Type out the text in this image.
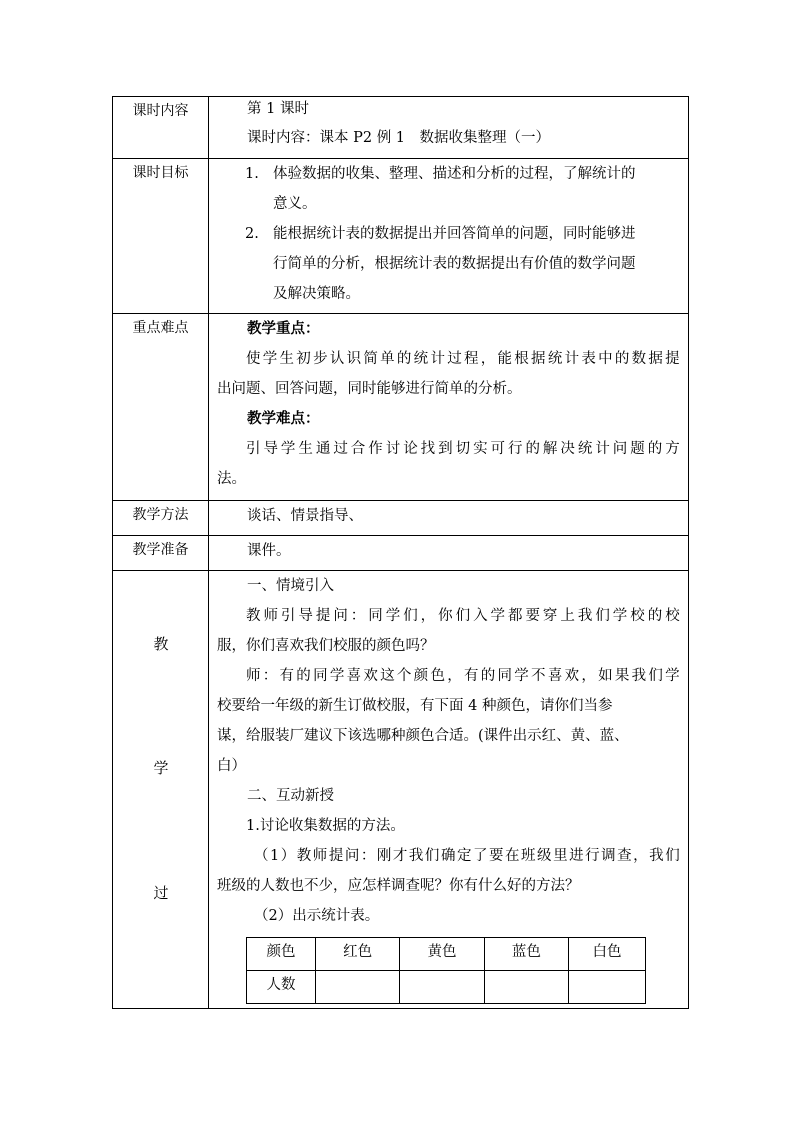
课时内容	第 1 课时
课时内容：课本 P2 例 1　数据收集整理（一）

课时目标	1. 体验数据的收集、整理、描述和分析的过程，了解统计的
意义。
2. 能根据统计表的数据提出并回答简单的问题，同时能够进
行简单的分析，根据统计表的数据提出有价值的数学问题
及解决策略。

重点难点	教学重点：
使学生初步认识简单的统计过程，能根据统计表中的数据提
出问题、回答问题，同时能够进行简单的分析。
教学难点：
引导学生通过合作讨论找到切实可行的解决统计问题的方
法。

教学方法	谈话、情景指导、

教学准备	课件。

教
学
过

一、情境引入
教师引导提问：同学们，你们入学都要穿上我们学校的校
服，你们喜欢我们校服的颜色吗？
师：有的同学喜欢这个颜色，有的同学不喜欢，如果我们学
校要给一年级的新生订做校服，有下面 4 种颜色，请你们当参
谋，给服装厂建议下该选哪种颜色合适。(课件出示红、黄、蓝、
白）
二、互动新授
1.讨论收集数据的方法。
（1）教师提问：刚才我们确定了要在班级里进行调查，我们
班级的人数也不少，应怎样调查呢？你有什么好的方法？
（2）出示统计表。
颜色	红色	黄色	蓝色	白色
人数				
